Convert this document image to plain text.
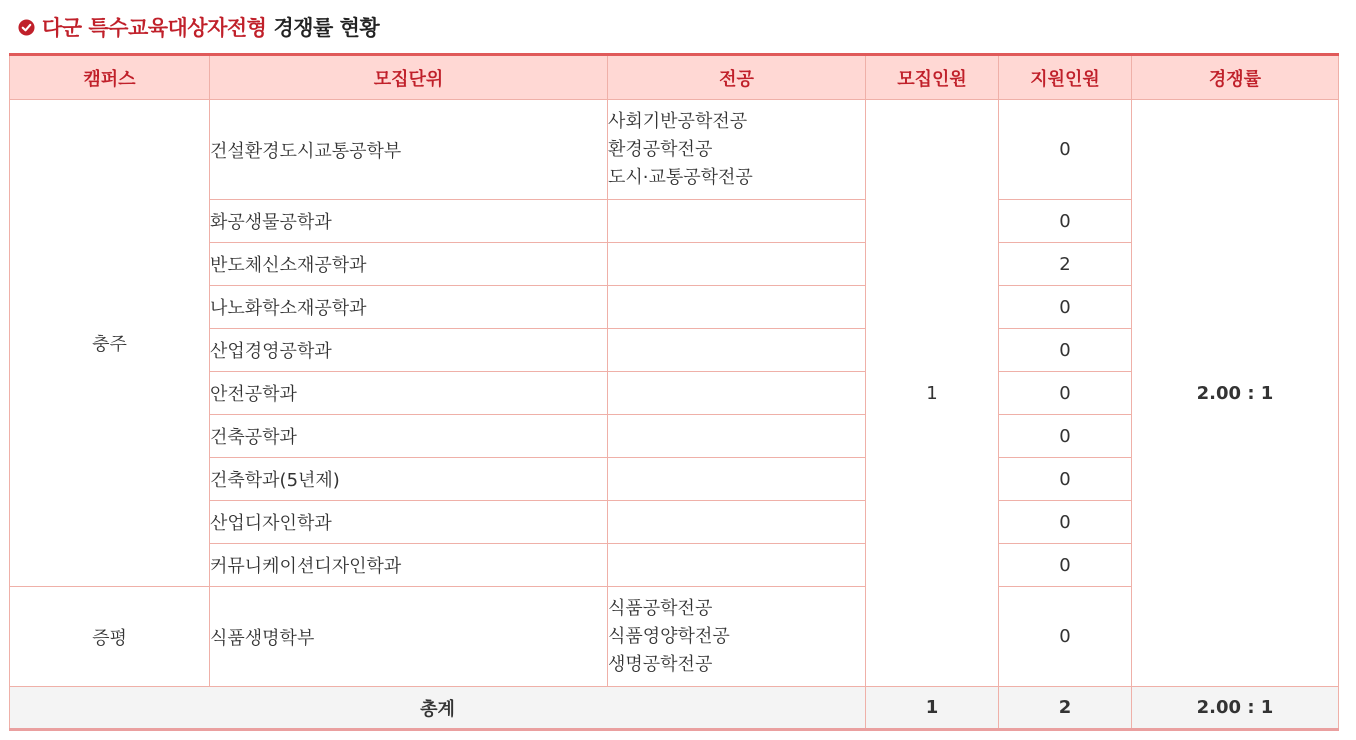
다군 특수교육대상자전형 경쟁률 현황
캠퍼스	모집단위	전공	모집인원	지원인원	경쟁률
충주	건설환경도시교통공학부	사회기반공학전공
환경공학전공
도시·교통공학전공	1	0	2.00 : 1
	화공생물공학과			0	
	반도체신소재공학과			2	
	나노화학소재공학과			0	
	산업경영공학과			0	
	안전공학과			0	
	건축공학과			0	
	건축학과(5년제)			0	
	산업디자인학과			0	
	커뮤니케이션디자인학과			0	
증평	식품생명학부	식품공학전공
식품영양학전공
생명공학전공		0	
총계			1	2	2.00 : 1
